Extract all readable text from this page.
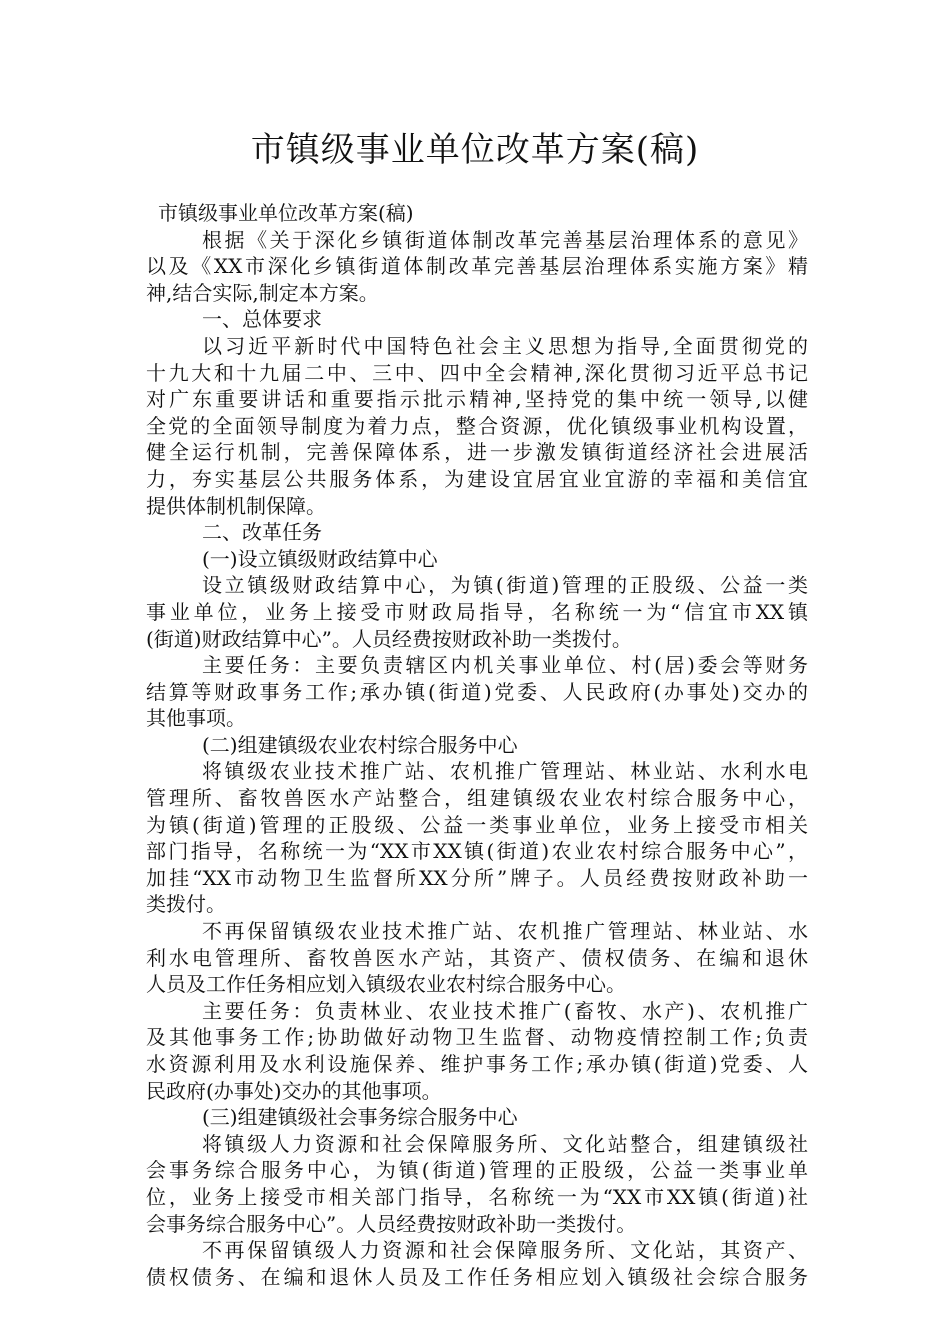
市镇级事业单位改革方案(稿)
市镇级事业单位改革方案(稿)
根据《关于深化乡镇街道体制改革完善基层治理体系的意见》
以及《XX市深化乡镇街道体制改革完善基层治理体系实施方案》精
神,结合实际,制定本方案。
一、总体要求
以习近平新时代中国特色社会主义思想为指导,全面贯彻党的
十九大和十九届二中、三中、四中全会精神,深化贯彻习近平总书记
对广东重要讲话和重要指示批示精神,坚持党的集中统一领导,以健
全党的全面领导制度为着力点，整合资源，优化镇级事业机构设置，
健全运行机制，完善保障体系，进一步激发镇街道经济社会进展活
力，夯实基层公共服务体系，为建设宜居宜业宜游的幸福和美信宜
提供体制机制保障。
二、改革任务
(一)设立镇级财政结算中心
设立镇级财政结算中心，为镇(街道)管理的正股级、公益一类
事业单位，业务上接受市财政局指导，名称统一为“信宜市XX镇
(街道)财政结算中心”。人员经费按财政补助一类拨付。
主要任务：主要负责辖区内机关事业单位、村(居)委会等财务
结算等财政事务工作;承办镇(街道)党委、人民政府(办事处)交办的
其他事项。
(二)组建镇级农业农村综合服务中心
将镇级农业技术推广站、农机推广管理站、林业站、水利水电
管理所、畜牧兽医水产站整合，组建镇级农业农村综合服务中心，
为镇(街道)管理的正股级、公益一类事业单位，业务上接受市相关
部门指导，名称统一为“XX市XX镇(街道)农业农村综合服务中心”，
加挂“XX市动物卫生监督所XX分所”牌子。人员经费按财政补助一
类拨付。
不再保留镇级农业技术推广站、农机推广管理站、林业站、水
利水电管理所、畜牧兽医水产站，其资产、债权债务、在编和退休
人员及工作任务相应划入镇级农业农村综合服务中心。
主要任务：负责林业、农业技术推广(畜牧、水产)、农机推广
及其他事务工作;协助做好动物卫生监督、动物疫情控制工作;负责
水资源利用及水利设施保养、维护事务工作;承办镇(街道)党委、人
民政府(办事处)交办的其他事项。
(三)组建镇级社会事务综合服务中心
将镇级人力资源和社会保障服务所、文化站整合，组建镇级社
会事务综合服务中心，为镇(街道)管理的正股级，公益一类事业单
位，业务上接受市相关部门指导，名称统一为“XX市XX镇(街道)社
会事务综合服务中心”。人员经费按财政补助一类拨付。
不再保留镇级人力资源和社会保障服务所、文化站，其资产、
债权债务、在编和退休人员及工作任务相应划入镇级社会综合服务
